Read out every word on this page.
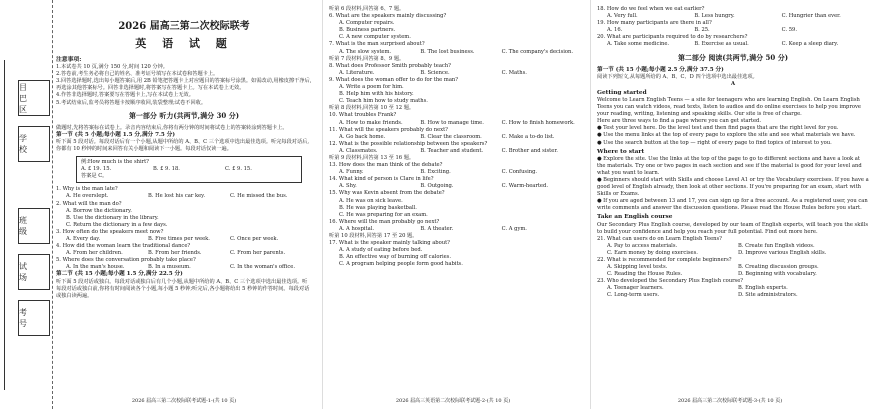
目 巴 区
学 校
班 级
试 场
考 号
2026 届高三第二次校际联考
英 语 试 题
注意事项:

1.本试卷共 10 页,满分 150 分,时间 120 分钟。

2.答卷前,考生务必将自己的姓名、准考证号填写在本试卷和答题卡上。

3.回答选择题时,选出每小题答案后,用 2B 铅笔把答题卡上对应题目的答案标号涂黑。如需改动,用橡皮擦干净后,再选涂其他答案标号。回答非选择题时,将答案写在答题卡上。写在本试卷上无效。

4.作答非选择题时,答案要写在答题卡上,写在本试卷上无效。

5.考试结束后,监考员将答题卡按顺序收回,装袋整理;试卷不回收。

第一部分 听力(共两节,满分 30 分)

做题时,先将答案标在试卷上。录音内容结束后,你将有两分钟的时间将试卷上的答案转涂到答题卡上。

第一节 (共 5 小题;每小题 1.5 分,满分 7.5 分)

听下面 5 段对话。每段对话后有一个小题,从题中所给的 A、B、C 三个选项中选出最佳选项。听完每段对话后,你都有 10 秒钟的时间来回答有关小题和阅读下一小题。每段对话仅读一遍。

例:How much is the shirt?
A. £ 19. 15.	B. £ 9. 18.	C. £ 9. 15.
答案是 C。
1. Why is the man late?
A. He overslept.	B. He lost his car key.	C. He missed the bus.
2. What will the man do?
A. Borrow the dictionary.
B. Use the dictionary in the library.
C. Return the dictionary in a few days.
3. How often do the speakers meet now?
A. Every day.	B. Five times per week.	C. Once per week.
4. How did the woman learn the traditional dance?
A. From her children.	B. From her friends.	C. From her parents.
5. Where does the conversation probably take place?
A. In the man's house.	B. In a museum.	C. In the woman's office.
第二节 (共 15 小题;每小题 1.5 分,满分 22.5 分)

听下面 5 段对话或独白。每段对话或独白后有几个小题,从题中所给的 A、B、C 三个选项中选出最佳选项。听每段对话或独白前,你将有时间阅读各个小题,每小题 5 秒钟;听完后,各小题将给出 5 秒钟的作答时间。每段对话或独白读两遍。

2026 届高三第二次校际联考试题-1-(共 10 页)
听第 6 段材料,回答第 6、7 题。
6. What are the speakers mainly discussing?
A. Computer repairs.
B. Business partners.
C. A new computer system.
7. What is the man surprised about?
A. The slow system.	B. The lost business.	C. The company's decision.
听第 7 段材料,回答第 8、9 题。
8. What does Professor Smith probably teach?
A. Literature.	B. Science.	C. Maths.
9. What does the woman offer to do for the man?
A. Write a poem for him.
B. Help him with his history.
C. Teach him how to study maths.
听第 8 段材料,回答第 10 至 12 题。
10. What troubles Frank?
A. How to make friends.	B. How to manage time.	C. How to finish homework.
11. What will the speakers probably do next?
A. Go back home.	B. Clear the classroom.	C. Make a to-do list.
12. What is the possible relationship between the speakers?
A. Classmates.	B. Teacher and student.	C. Brother and sister.
听第 9 段材料,回答第 13 至 16 题。
13. How does the man think of the debate?
A. Funny.	B. Exciting.	C. Confusing.
14. What kind of person is Clare in life?
A. Shy.	B. Outgoing.	C. Warm-hearted.
15. Why was Kevin absent from the debate?
A. He was on sick leave.
B. He was playing basketball.
C. He was preparing for an exam.
16. Where will the man probably go next?
A. A hospital.	B. A theater.	C. A gym.
听第 10 段材料,回答第 17 至 20 题。
17. What is the speaker mainly talking about?
A. A study of eating before bed.
B. An effective way of burning off calories.
C. A program helping people form good habits.
2026 届高三英语第二次校际联考试题-2-(共 10 页)
18. How do we feel when we eat earlier?
A. Very full.	B. Less hungry.	C. Hungrier than ever.
19. How many participants are there in all?
A. 16.	B. 25.	C. 59.
20. What are participants required to do by researchers?
A. Take some medicine.	B. Exercise as usual.	C. Keep a sleep diary.
第二部分 阅读(共两节,满分 50 分)
第一节 (共 15 小题;每小题 2.5 分,满分 37.5 分)

阅读下列短文,从每题所给的 A、B、C、D 四个选项中选出最佳选项。

A
Getting started

Welcome to Learn English Teens — a site for teenagers who are learning English. On Learn English Teens you can watch videos, read texts, listen to audios and do online exercises to help you improve your reading, writing, listening and speaking skills. Our site is free of charge.

Here are three ways to find a page where you can get started.

● Test your level here. Do the level test and then find pages that are the right level for you.

● Use the menu links at the top of every page to explore the site and see what materials we have.

● Use the search button at the top — right of every page to find topics of interest to you.

Where to start

● Explore the site. Use the links at the top of the page to go to different sections and have a look at the materials. Try one or two pages in each section and see if the material is good for your level and what you want to learn.

● Beginners should start with Skills and choose Level A1 or try the Vocabulary exercises. If you have a good level of English already, then look at other sections. If you're preparing for an exam, start with Skills or Exams.

● If you are aged between 13 and 17, you can sign up for a free account. As a registered user, you can write comments and answer the discussion questions. Please read the House Rules before you start.

Take an English course

Our Secondary Plus English course, developed by our team of English experts, will teach you the skills to build your confidence and help you reach your full potential. Find out more here.

21. What can users do on Learn English Teens?
A. Pay to access materials.	B. Create fun English videos.
C. Earn money by doing exercises.	D. Improve various English skills.
22. What is recommended for complete beginners?
A. Skipping level tests.	B. Creating discussion groups.
C. Reading the House Rules.	D. Beginning with vocabulary.
23. Who developed the Secondary Plus English course?
A. Teenager learners.	B. English experts.
C. Long-term users.	D. Site administrators.
2026 届高三第二次校际联考试题-3-(共 10 页)
